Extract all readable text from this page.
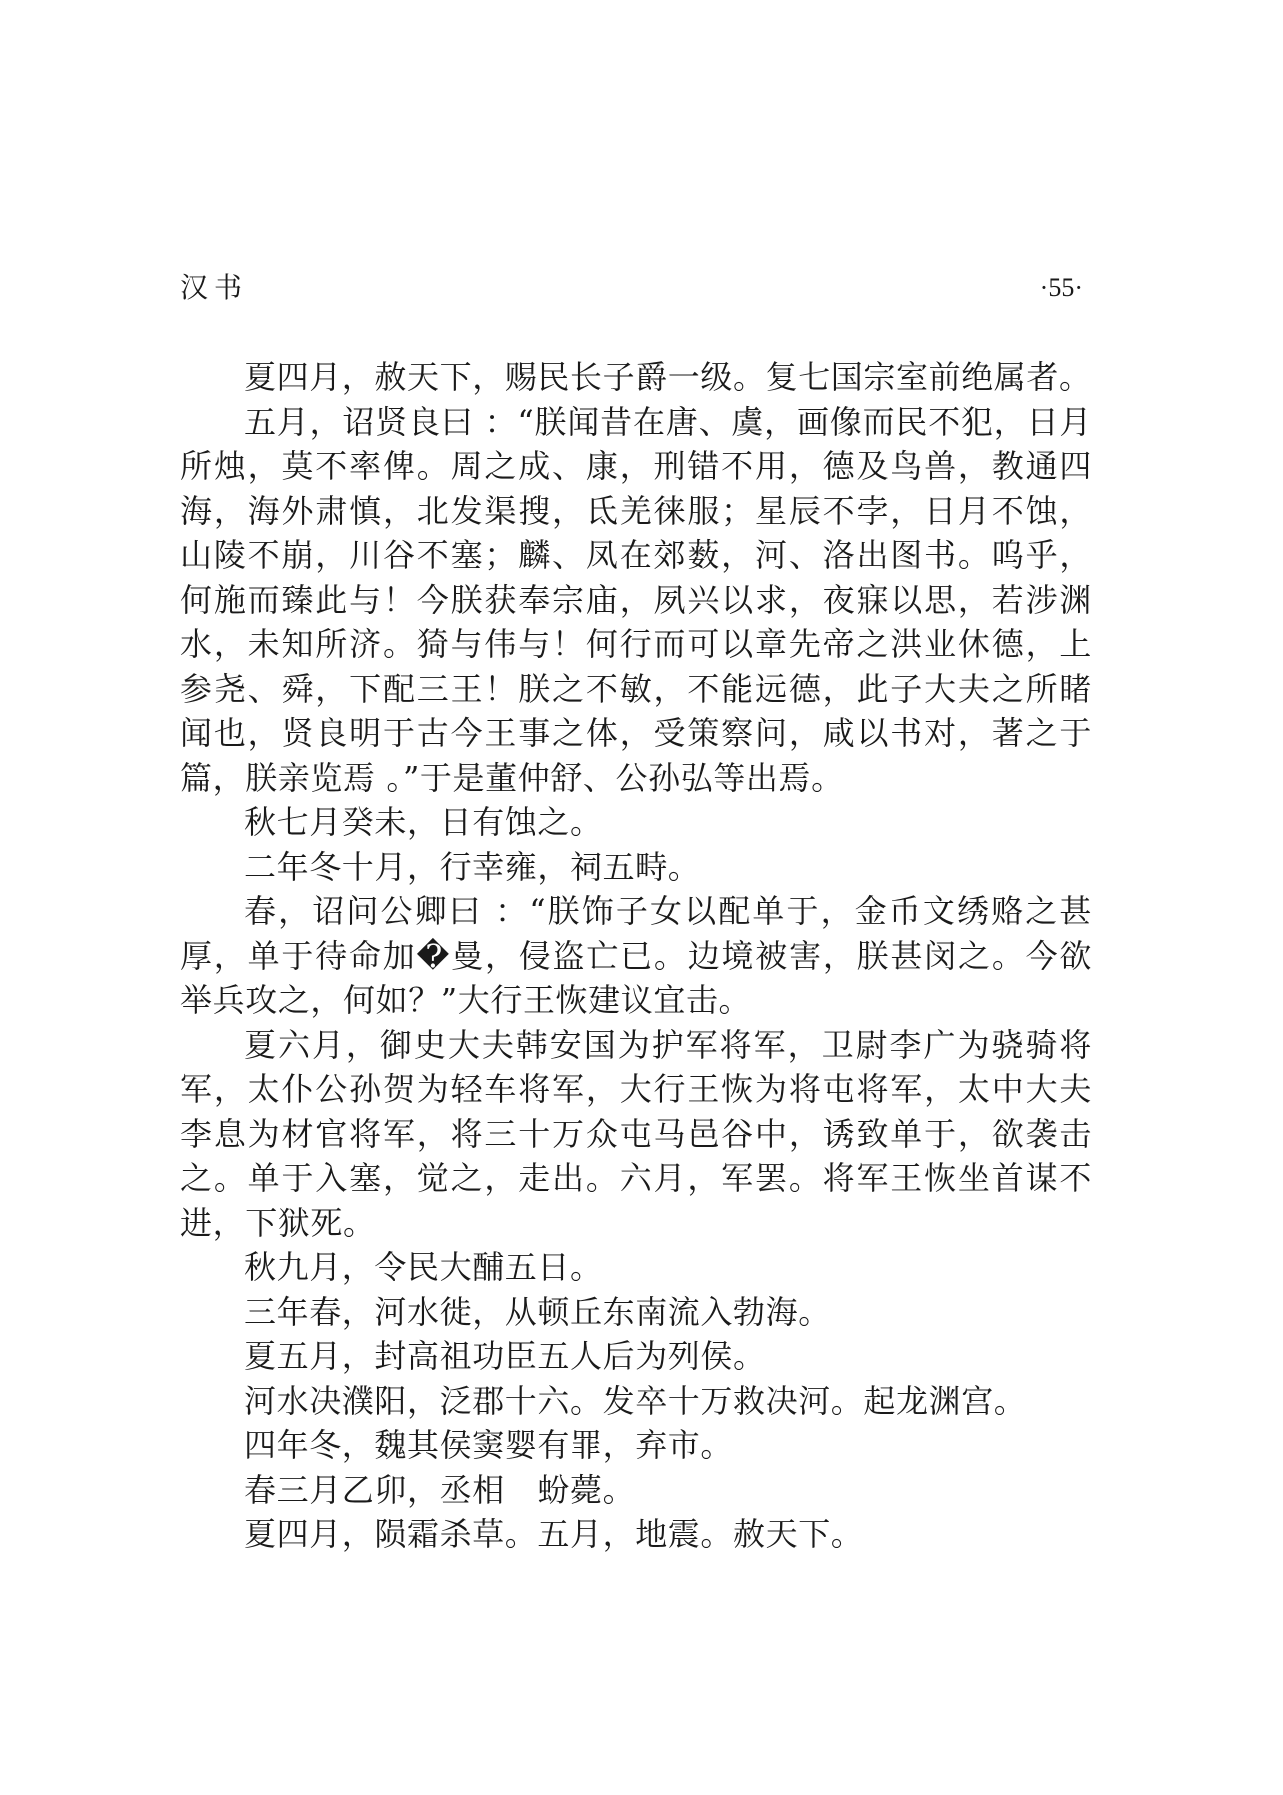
汉书	·55·

夏四月，赦天下，赐民长子爵一级。复七国宗室前绝属者。

五月，诏贤良曰 ：“朕闻昔在唐、虞，画像而民不犯，日月所烛，莫不率俾。周之成、康，刑错不用，德及鸟兽，教通四海，海外肃慎，北发渠搜，氐羌徕服；星辰不孛，日月不蚀，山陵不崩，川谷不塞；麟、凤在郊薮，河、洛出图书。呜乎，何施而臻此与！今朕获奉宗庙，夙兴以求，夜寐以思，若涉渊水，未知所济。猗与伟与！何行而可以章先帝之洪业休德，上参尧、舜，下配三王！朕之不敏，不能远德，此子大夫之所睹闻也，贤良明于古今王事之体，受策察问，咸以书对，著之于篇，朕亲览焉 。”于是董仲舒、公孙弘等出焉。

秋七月癸未，日有蚀之。

二年冬十月，行幸雍，祠五畤。

春，诏问公卿曰 ：“朕饰子女以配单于，金币文绣赂之甚厚，单于待命加�曼，侵盗亡已。边境被害，朕甚闵之。今欲举兵攻之，何如？”大行王恢建议宜击。

夏六月，御史大夫韩安国为护军将军，卫尉李广为骁骑将军，太仆公孙贺为轻车将军，大行王恢为将屯将军，太中大夫李息为材官将军，将三十万众屯马邑谷中，诱致单于，欲袭击之。单于入塞，觉之，走出。六月，军罢。将军王恢坐首谋不进，下狱死。

秋九月，令民大酺五日。

三年春，河水徙，从顿丘东南流入勃海。

夏五月，封高祖功臣五人后为列侯。

河水决濮阳，泛郡十六。发卒十万救决河。起龙渊宫。

四年冬，魏其侯窦婴有罪，弃市。

春三月乙卯，丞相　蚡薨。

夏四月，陨霜杀草。五月，地震。赦天下。
